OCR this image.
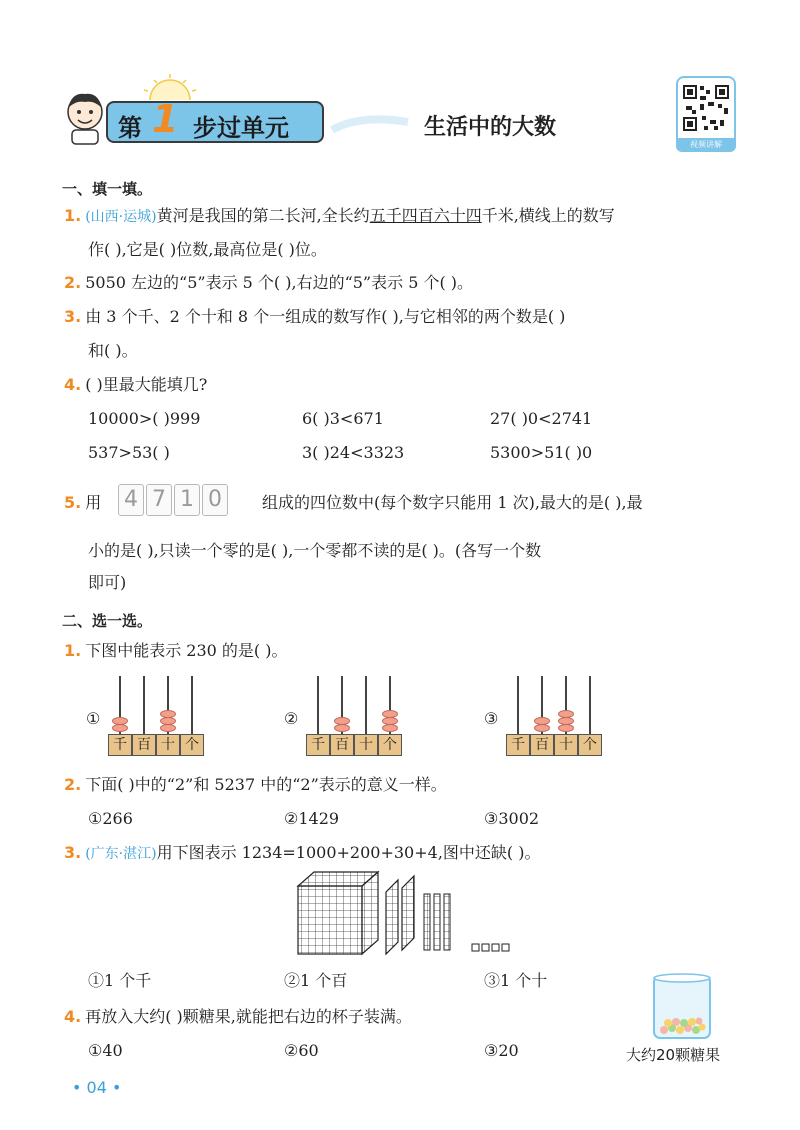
第 1 步过单元	生活中的大数
视频讲解
一、填一填。
1. (山西·运城)黄河是我国的第二长河,全长约五千四百六十四千米,横线上的数写
作( ),它是( )位数,最高位是( )位。
2. 5050 左边的“5”表示 5 个( ),右边的“5”表示 5 个( )。
3. 由 3 个千、2 个十和 8 个一组成的数写作( ),与它相邻的两个数是( )
和( )。
4. ( )里最大能填几?
10000>( )999	6( )3<671	27( )0<2741
537>53( )	3( )24<3323	5300>51( )0
5. 用 4 7 1 0	组成的四位数中(每个数字只能用 1 次),最大的是( ),最
小的是( ),只读一个零的是( ),一个零都不读的是( )。(各写一个数
即可)
二、选一选。
1. 下图中能表示 230 的是( )。
①
千 百 十 个
②
千 百 十 个
③
千 百 十 个
2. 下面( )中的“2”和 5237 中的“2”表示的意义一样。
①266	②1429	③3002
3. (广东·湛江)用下图表示 1234=1000+200+30+4,图中还缺( )。
①1 个千	②1 个百	③1 个十
4. 再放入大约( )颗糖果,就能把右边的杯子装满。
①40	②60	③20	大约20颗糖果
• 04 •
